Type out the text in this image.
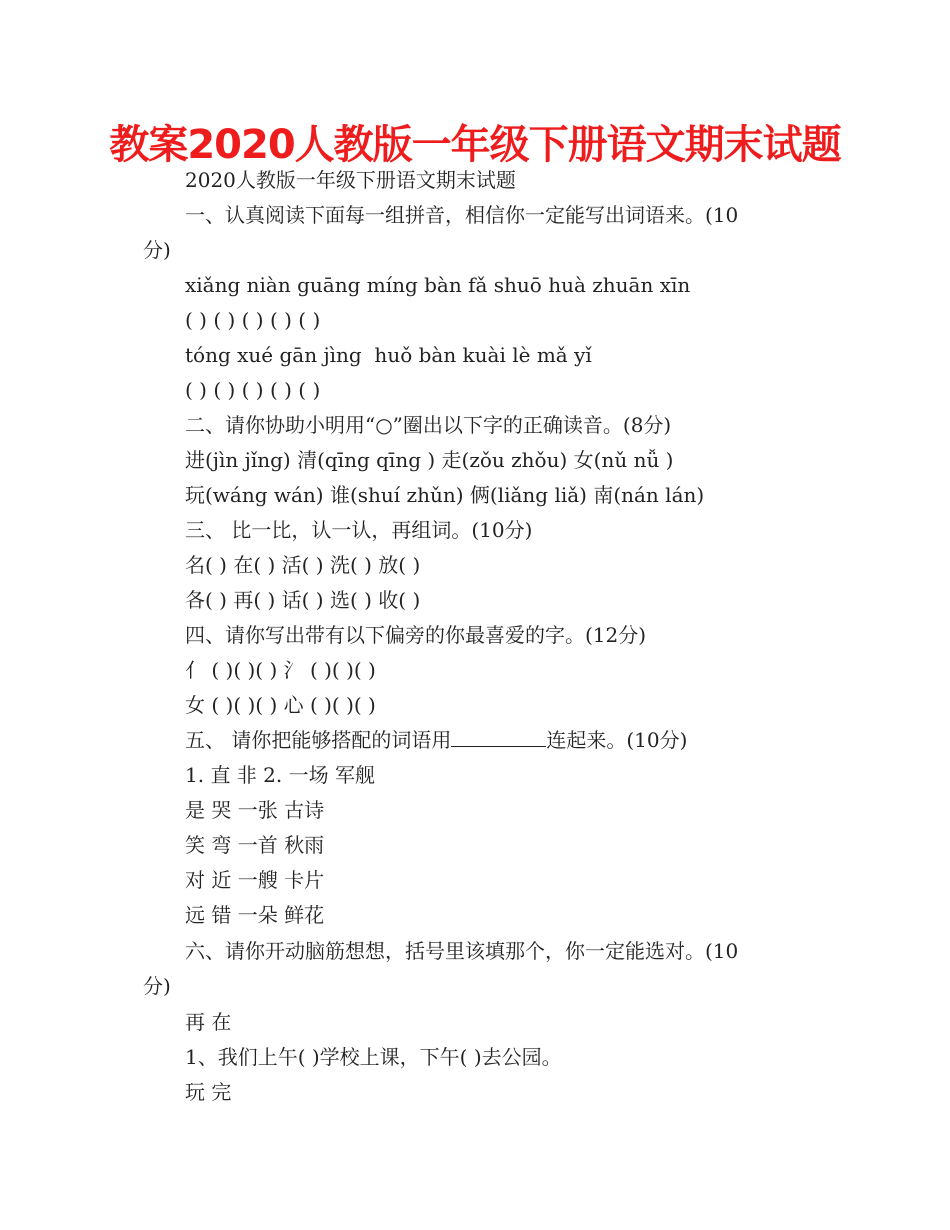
教案2020人教版一年级下册语文期末试题
2020人教版一年级下册语文期末试题
一、认真阅读下面每一组拼音，相信你一定能写出词语来。(10
分)
xiǎng niàn guāng míng bàn fǎ shuō huà zhuān xīn
( ) ( ) ( ) ( ) ( )
tóng xué gān jìng  huǒ bàn kuài lè mǎ yǐ
( ) ( ) ( ) ( ) ( )
二、请你协助小明用“○”圈出以下字的正确读音。(8分)
进(jìn jǐng) 清(qīng qīng ) 走(zǒu zhǒu) 女(nǔ nǚ )
玩(wáng wán) 谁(shuí zhǔn) 俩(liǎng liǎ) 南(nán lán)
三、 比一比，认一认，再组词。(10分)
名( ) 在( ) 活( ) 洗( ) 放( )
各( ) 再( ) 话( ) 选( ) 收( )
四、请你写出带有以下偏旁的你最喜爱的字。(12分)
亻 ( )( )( ) 氵 ( )( )( )
女 ( )( )( ) 心 ( )( )( )
五、 请你把能够搭配的词语用	连起来。(10分)
1. 直 非 2. 一场 军舰
是 哭 一张 古诗
笑 弯 一首 秋雨
对 近 一艘 卡片
远 错 一朵 鲜花
六、请你开动脑筋想想，括号里该填那个，你一定能选对。(10
分)
再 在
1、我们上午( )学校上课，下午( )去公园。
玩 完
